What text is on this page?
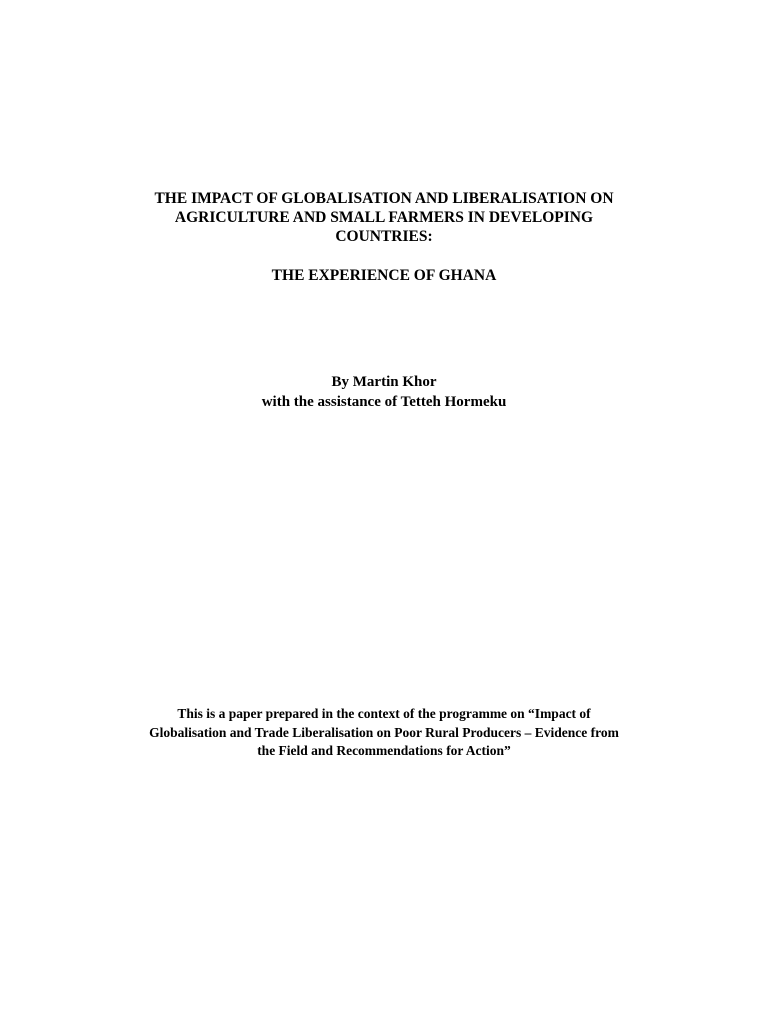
THE IMPACT OF GLOBALISATION AND LIBERALISATION ON
AGRICULTURE AND SMALL FARMERS IN DEVELOPING
COUNTRIES:
THE EXPERIENCE OF GHANA
By Martin Khor
with the assistance of Tetteh Hormeku
This is a paper prepared in the context of the programme on “Impact of
Globalisation and Trade Liberalisation on Poor Rural Producers – Evidence from
the Field and Recommendations for Action”
